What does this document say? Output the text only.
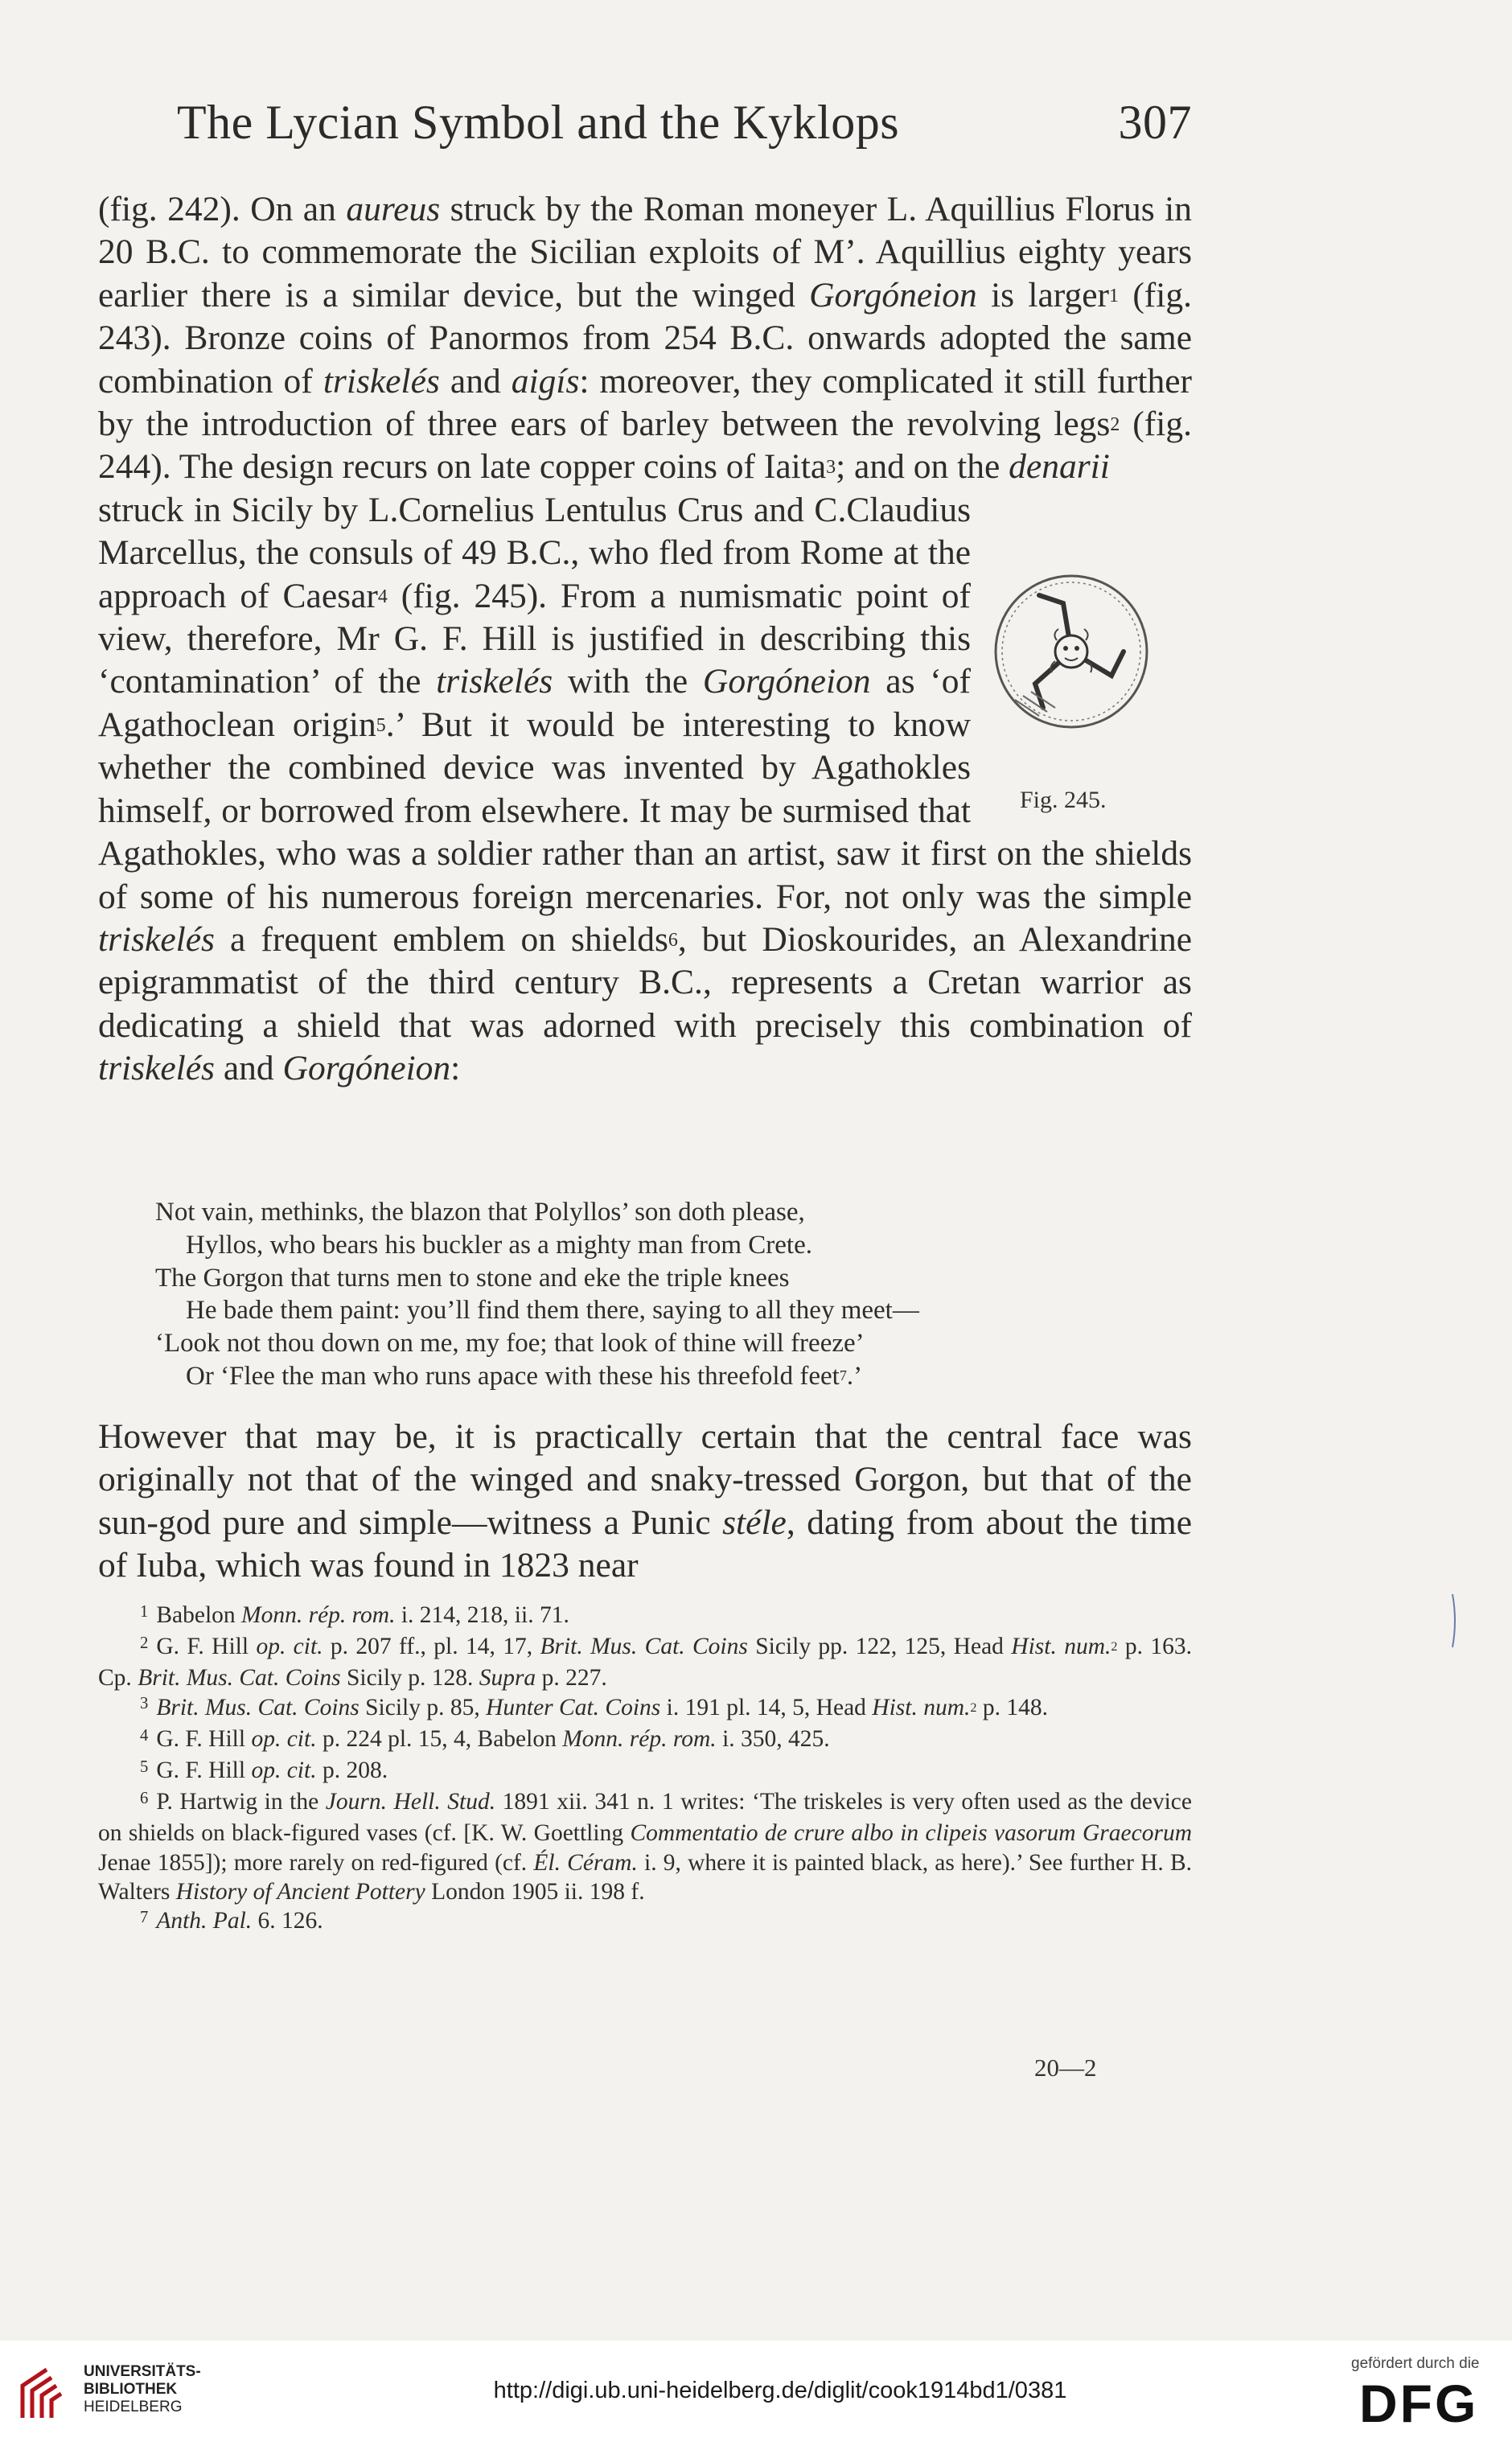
The Lycian Symbol and the Kyklops	307

(fig. 242). On an aureus struck by the Roman moneyer L. Aquillius Florus in 20 B.C. to commemorate the Sicilian exploits of M’. Aquillius eighty years earlier there is a similar device, but the winged Gorgóneion is larger$^1$ (fig. 243). Bronze coins of Panormos from 254 B.C. onwards adopted the same combination of triskelés and aigís: moreover, they complicated it still further by the introduction of three ears of barley between the revolving legs$^2$ (fig. 244). The design recurs on late copper coins of Iaita$^3$; and on the denarii
struck in Sicily by L.Cornelius Lentulus Crus and C.Claudius Marcellus, the consuls of 49 B.C., who fled from Rome at the approach of Caesar$^4$ (fig. 245). From a numismatic point of view, therefore, Mr G. F. Hill is justified in describing this ‘contamination’ of the triskelés with the Gorgóneion as ‘of Agathoclean origin$^5$.’ But it would be interesting to know whether the combined device was invented by Agathokles himself, or borrowed from elsewhere. It may be surmised that Agathokles, who was a soldier rather than an artist, saw it first on the shields of some of his numerous foreign mercenaries. For, not only was the simple triskelés a frequent emblem on shields$^6$, but Dioskourides, an Alexandrine epigrammatist of the third century B.C., represents a Cretan warrior as dedicating a shield that was adorned with precisely this combination of triskelés and Gorgóneion:

Fig. 245.
Not vain, methinks, the blazon that Polyllos’ son doth please,
Hyllos, who bears his buckler as a mighty man from Crete.
The Gorgon that turns men to stone and eke the triple knees
He bade them paint: you’ll find them there, saying to all they meet—
‘Look not thou down on me, my foe; that look of thine will freeze’
Or ‘Flee the man who runs apace with these his threefold feet$^7$.’
However that may be, it is practically certain that the central face was originally not that of the winged and snaky-tressed Gorgon, but that of the sun-god pure and simple—witness a Punic stéle, dating from about the time of Iuba, which was found in 1823 near

$^1$ Babelon Monn. rép. rom. i. 214, 218, ii. 71.

$^2$ G. F. Hill op. cit. p. 207 ff., pl. 14, 17, Brit. Mus. Cat. Coins Sicily pp. 122, 125, Head Hist. num.$^2$ p. 163. Cp. Brit. Mus. Cat. Coins Sicily p. 128. Supra p. 227.

$^3$ Brit. Mus. Cat. Coins Sicily p. 85, Hunter Cat. Coins i. 191 pl. 14, 5, Head Hist. num.$^2$ p. 148.

$^4$ G. F. Hill op. cit. p. 224 pl. 15, 4, Babelon Monn. rép. rom. i. 350, 425.

$^5$ G. F. Hill op. cit. p. 208.

$^6$ P. Hartwig in the Journ. Hell. Stud. 1891 xii. 341 n. 1 writes: ‘The triskeles is very often used as the device on shields on black-figured vases (cf. [K. W. Goettling Commentatio de crure albo in clipeis vasorum Graecorum Jenae 1855]); more rarely on red-figured (cf. Él. Céram. i. 9, where it is painted black, as here).’ See further H. B. Walters History of Ancient Pottery London 1905 ii. 198 f.

$^7$ Anth. Pal. 6. 126.

20—2
UNIVERSITÄTS-
BIBLIOTHEK
HEIDELBERG
http://digi.ub.uni-heidelberg.de/diglit/cook1914bd1/0381
gefördert durch die
DFG
